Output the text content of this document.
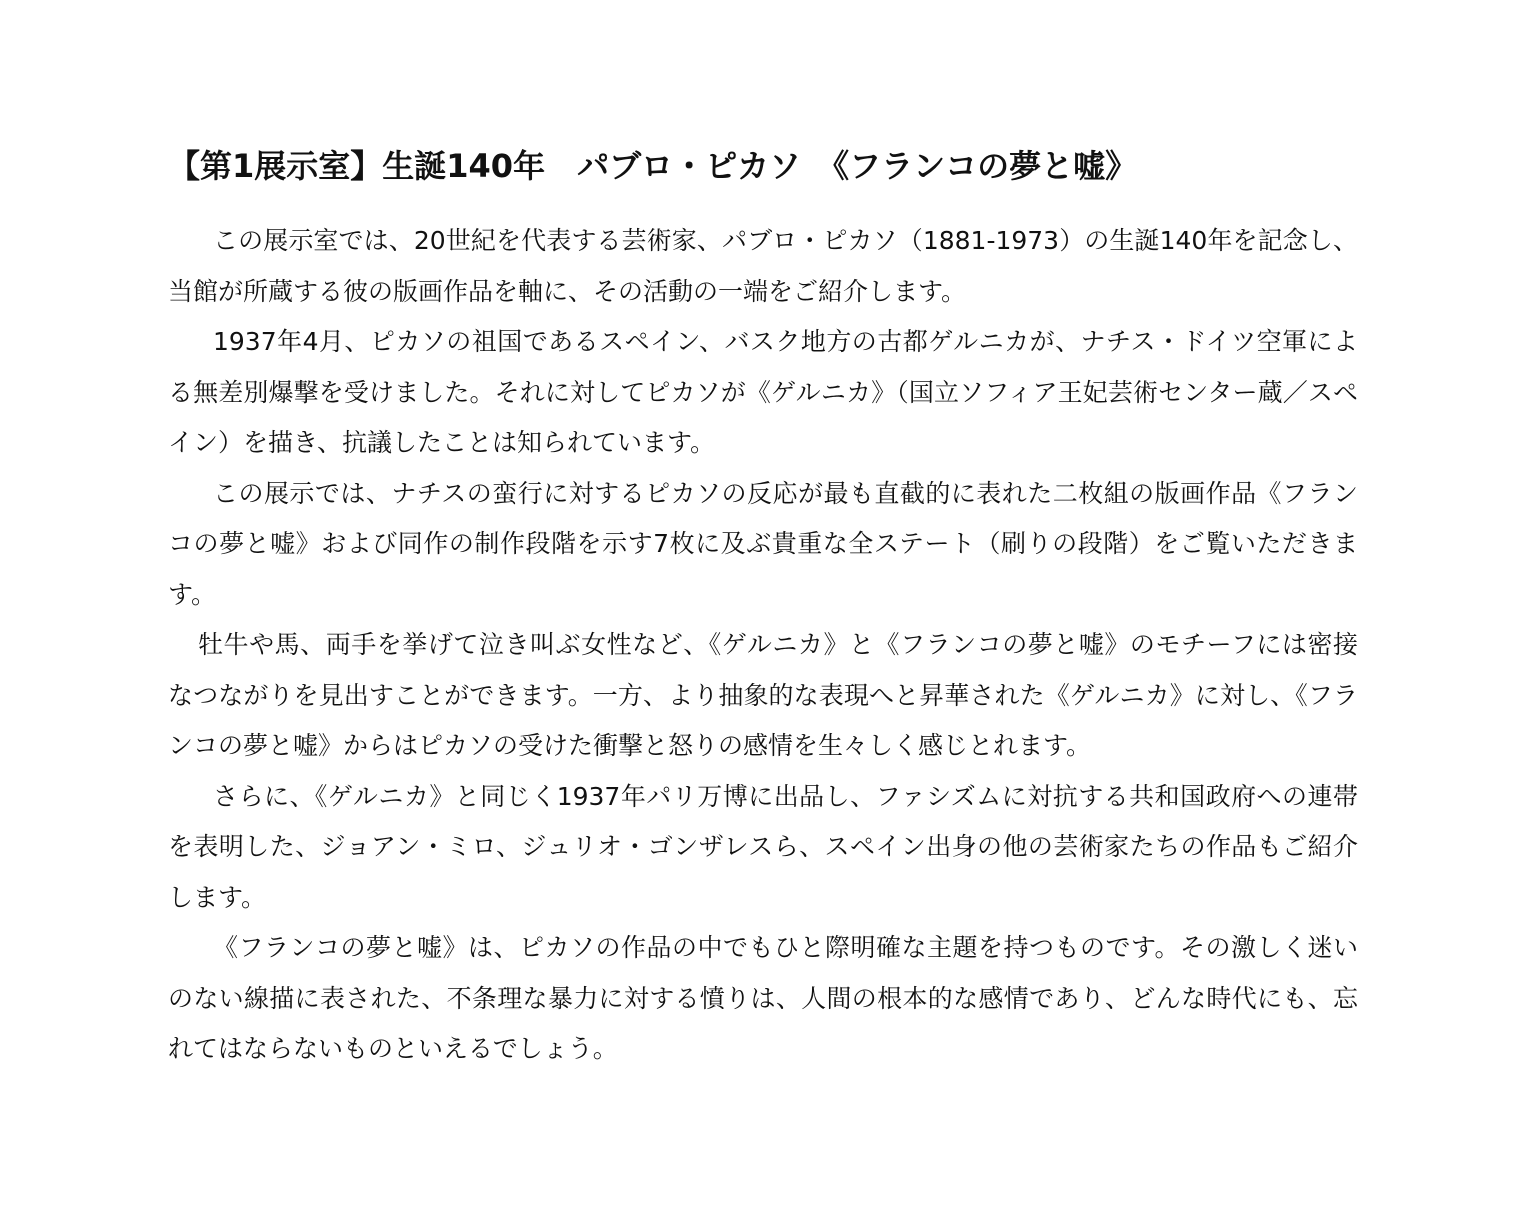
【第1展示室】生誕140年　パブロ・ピカソ　《フランコの夢と嘘》

この展示室では、20世紀を代表する芸術家、パブロ・ピカソ（1881-1973）の生誕140年を記念し、当館が所蔵する彼の版画作品を軸に、その活動の一端をご紹介します。

1937年4月、ピカソの祖国であるスペイン、バスク地方の古都ゲルニカが、ナチス・ドイツ空軍による無差別爆撃を受けました。それに対してピカソが《ゲルニカ》（国立ソフィア王妃芸術センター蔵／スペイン）を描き、抗議したことは知られています。

この展示では、ナチスの蛮行に対するピカソの反応が最も直截的に表れた二枚組の版画作品《フランコの夢と嘘》および同作の制作段階を示す7枚に及ぶ貴重な全ステート（刷りの段階）をご覧いただきます。

牡牛や馬、両手を挙げて泣き叫ぶ女性など、《ゲルニカ》と《フランコの夢と嘘》のモチーフには密接なつながりを見出すことができます。一方、より抽象的な表現へと昇華された《ゲルニカ》に対し、《フランコの夢と嘘》からはピカソの受けた衝撃と怒りの感情を生々しく感じとれます。

さらに、《ゲルニカ》と同じく1937年パリ万博に出品し、ファシズムに対抗する共和国政府への連帯を表明した、ジョアン・ミロ、ジュリオ・ゴンザレスら、スペイン出身の他の芸術家たちの作品もご紹介します。

《フランコの夢と嘘》は、ピカソの作品の中でもひと際明確な主題を持つものです。その激しく迷いのない線描に表された、不条理な暴力に対する憤りは、人間の根本的な感情であり、どんな時代にも、忘れてはならないものといえるでしょう。
